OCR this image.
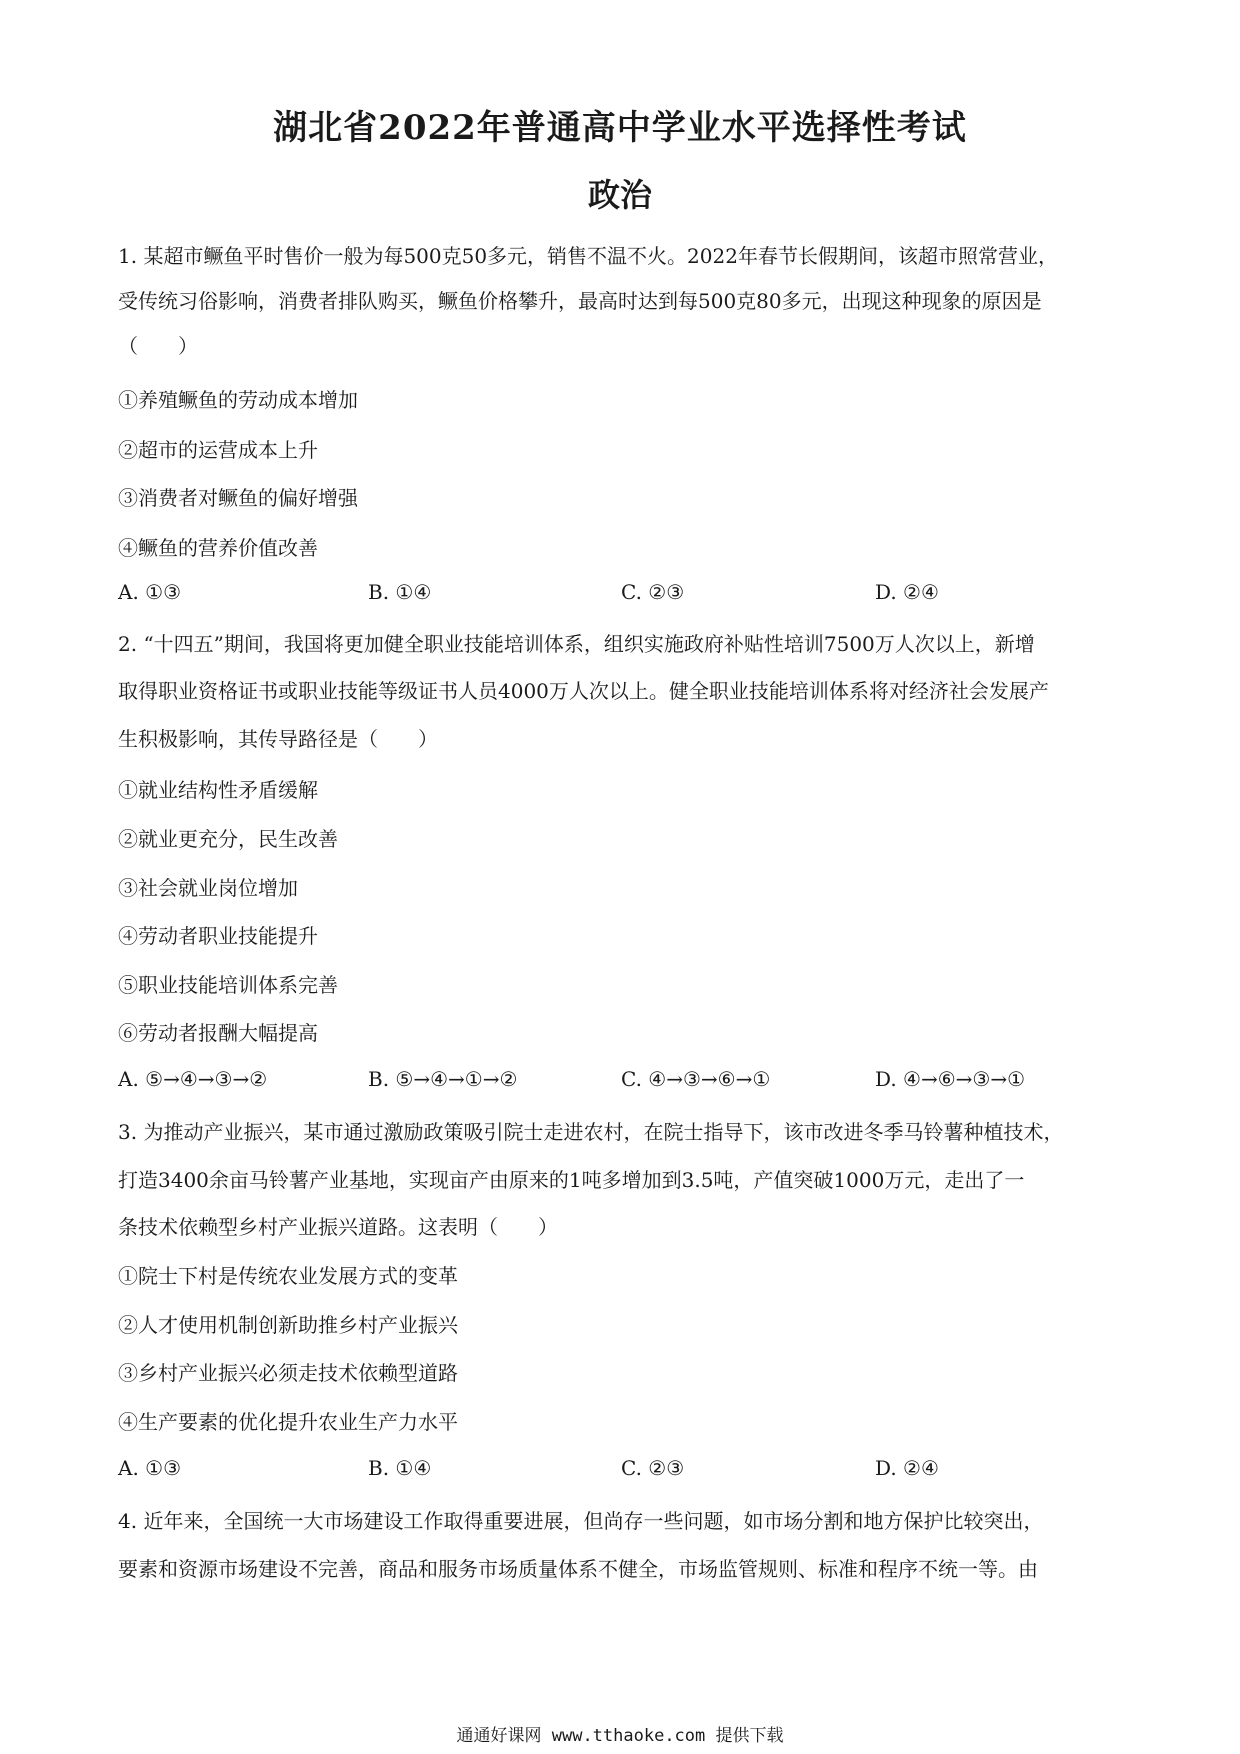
湖北省2022年普通高中学业水平选择性考试
政治
1. 某超市鳜鱼平时售价一般为每500克50多元，销售不温不火。2022年春节长假期间，该超市照常营业，
受传统习俗影响，消费者排队购买，鳜鱼价格攀升，最高时达到每500克80多元，出现这种现象的原因是
（　　）
①养殖鳜鱼的劳动成本增加
②超市的运营成本上升
③消费者对鳜鱼的偏好增强
④鳜鱼的营养价值改善
A. ①③	B. ①④	C. ②③	D. ②④
2. “十四五”期间，我国将更加健全职业技能培训体系，组织实施政府补贴性培训7500万人次以上，新增
取得职业资格证书或职业技能等级证书人员4000万人次以上。健全职业技能培训体系将对经济社会发展产
生积极影响，其传导路径是（　　）
①就业结构性矛盾缓解
②就业更充分，民生改善
③社会就业岗位增加
④劳动者职业技能提升
⑤职业技能培训体系完善
⑥劳动者报酬大幅提高
A. ⑤→④→③→②	B. ⑤→④→①→②	C. ④→③→⑥→①	D. ④→⑥→③→①
3. 为推动产业振兴，某市通过激励政策吸引院士走进农村，在院士指导下，该市改进冬季马铃薯种植技术，
打造3400余亩马铃薯产业基地，实现亩产由原来的1吨多增加到3.5吨，产值突破1000万元，走出了一
条技术依赖型乡村产业振兴道路。这表明（　　）
①院士下村是传统农业发展方式的变革
②人才使用机制创新助推乡村产业振兴
③乡村产业振兴必须走技术依赖型道路
④生产要素的优化提升农业生产力水平
A. ①③	B. ①④	C. ②③	D. ②④
4. 近年来，全国统一大市场建设工作取得重要进展，但尚存一些问题，如市场分割和地方保护比较突出，
要素和资源市场建设不完善，商品和服务市场质量体系不健全，市场监管规则、标准和程序不统一等。由
通通好课网 www.tthaoke.com 提供下载
